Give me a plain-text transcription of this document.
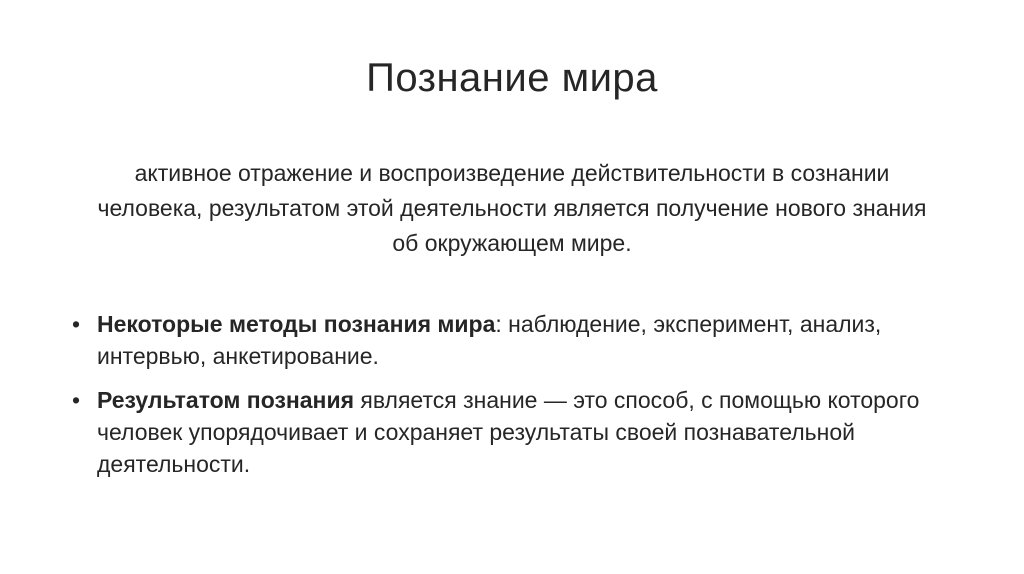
Познание мира
активное отражение и воспроизведение действительности в сознании человека, результатом этой деятельности является получение нового знания об окружающем мире.
• Некоторые методы познания мира: наблюдение, эксперимент, анализ, интервью, анкетирование.
• Результатом познания является знание — это способ, с помощью которого человек упорядочивает и сохраняет результаты своей познавательной деятельности.
